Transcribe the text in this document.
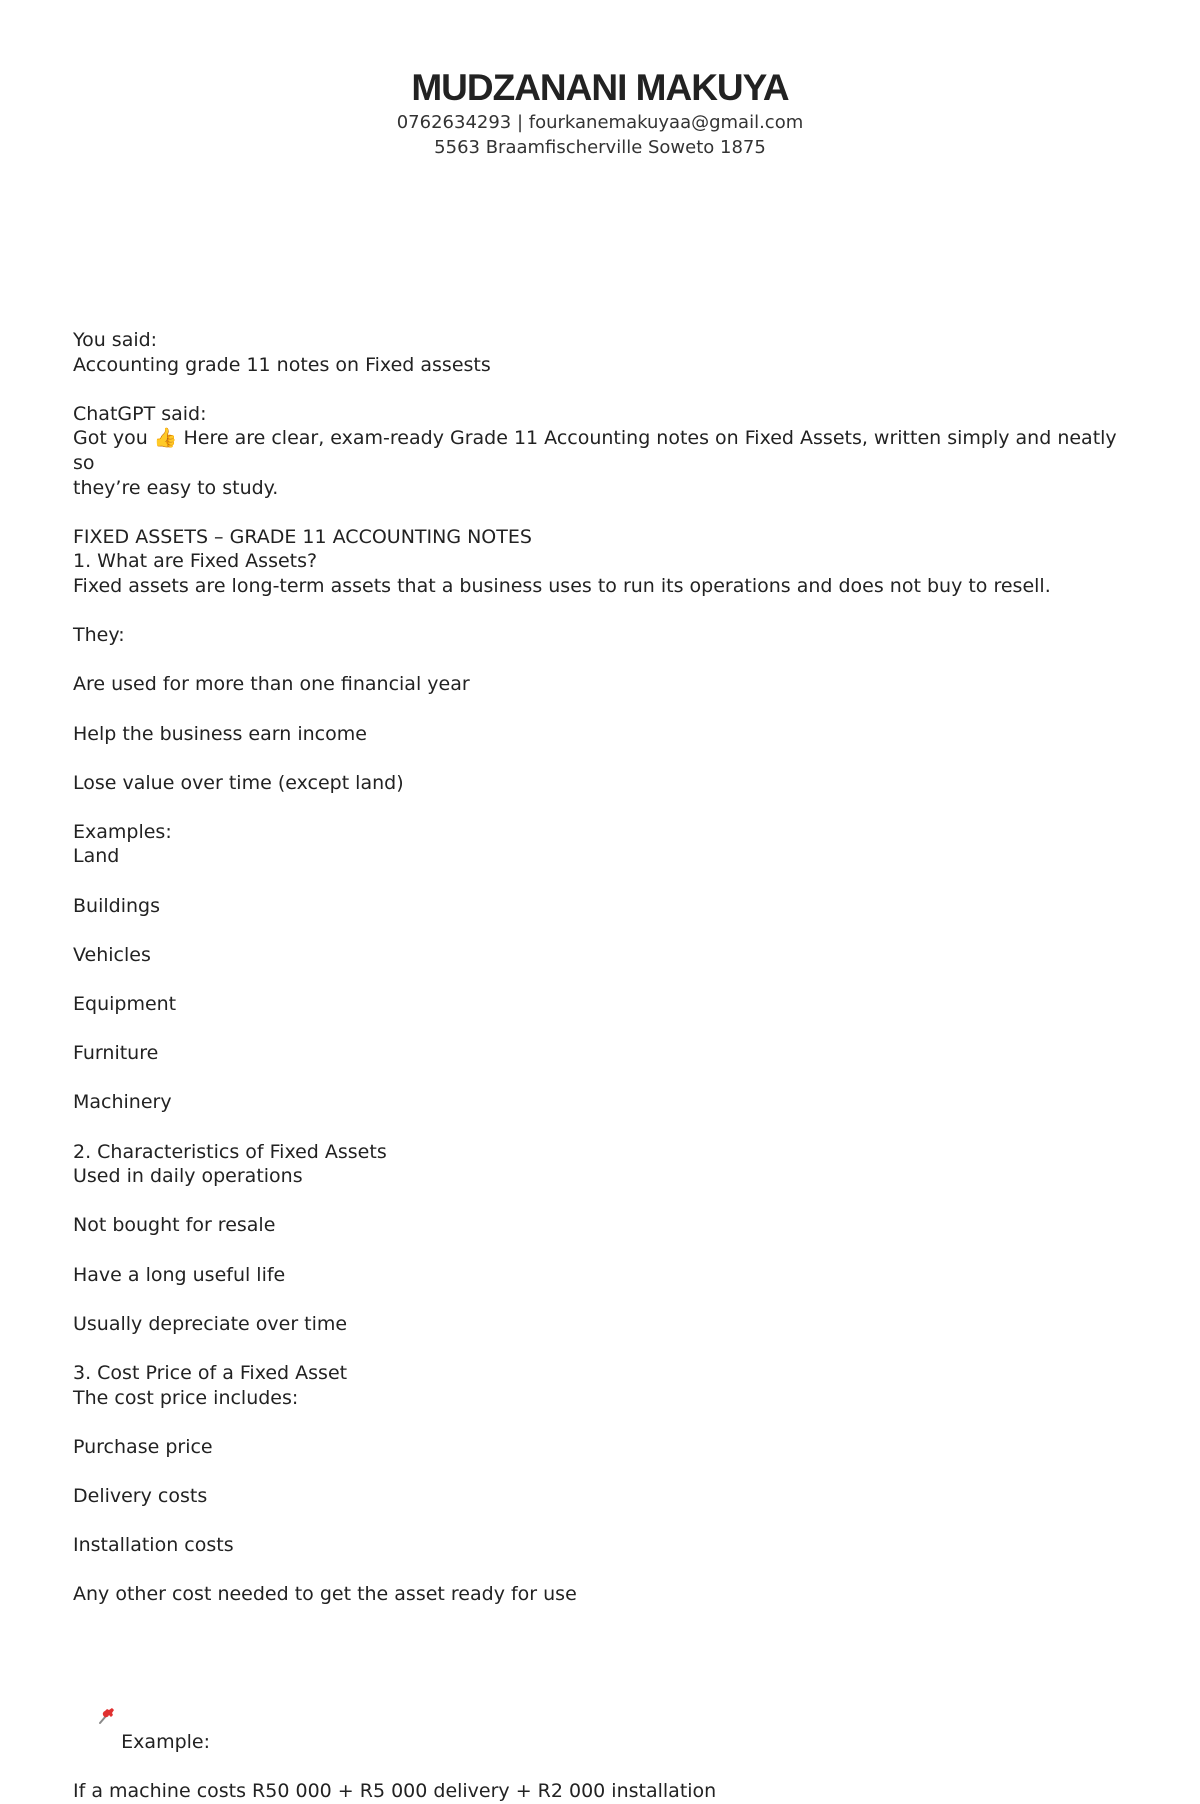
MUDZANANI MAKUYA
0762634293 | fourkanemakuyaa@gmail.com
5563 Braamfischerville Soweto 1875
You said:
Accounting grade 11 notes on Fixed assests
ChatGPT said:
Got you 👍 Here are clear, exam-ready Grade 11 Accounting notes on Fixed Assets, written simply and neatly so
they’re easy to study.
FIXED ASSETS – GRADE 11 ACCOUNTING NOTES
1. What are Fixed Assets?
Fixed assets are long-term assets that a business uses to run its operations and does not buy to resell.
They:
Are used for more than one financial year
Help the business earn income
Lose value over time (except land)
Examples:
Land
Buildings
Vehicles
Equipment
Furniture
Machinery
2. Characteristics of Fixed Assets
Used in daily operations
Not bought for resale
Have a long useful life
Usually depreciate over time
3. Cost Price of a Fixed Asset
The cost price includes:
Purchase price
Delivery costs
Installation costs
Any other cost needed to get the asset ready for use

Example:

If a machine costs R50 000 + R5 000 delivery + R2 000 installation
